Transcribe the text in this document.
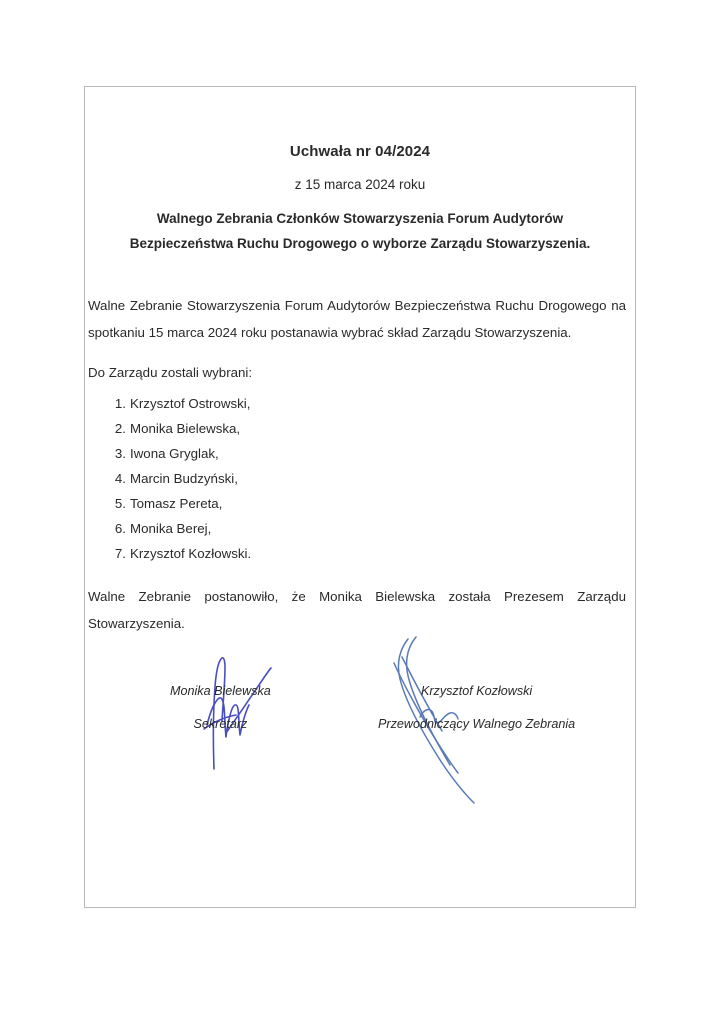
Uchwała nr 04/2024
z 15 marca 2024 roku
Walnego Zebrania Członków Stowarzyszenia Forum Audytorów
Bezpieczeństwa Ruchu Drogowego o wyborze Zarządu Stowarzyszenia.

Walne Zebranie Stowarzyszenia Forum Audytorów Bezpieczeństwa Ruchu Drogowego na spotkaniu 15 marca 2024 roku postanawia wybrać skład Zarządu Stowarzyszenia.

Do Zarządu zostali wybrani:
1. Krzysztof Ostrowski,
2. Monika Bielewska,
3. Iwona Gryglak,
4. Marcin Budzyński,
5. Tomasz Pereta,
6. Monika Berej,
7. Krzysztof Kozłowski.

Walne Zebranie postanowiło, że Monika Bielewska została Prezesem Zarządu Stowarzyszenia.

Monika Bielewska
Sekretarz
Krzysztof Kozłowski
Przewodniczący Walnego Zebrania
